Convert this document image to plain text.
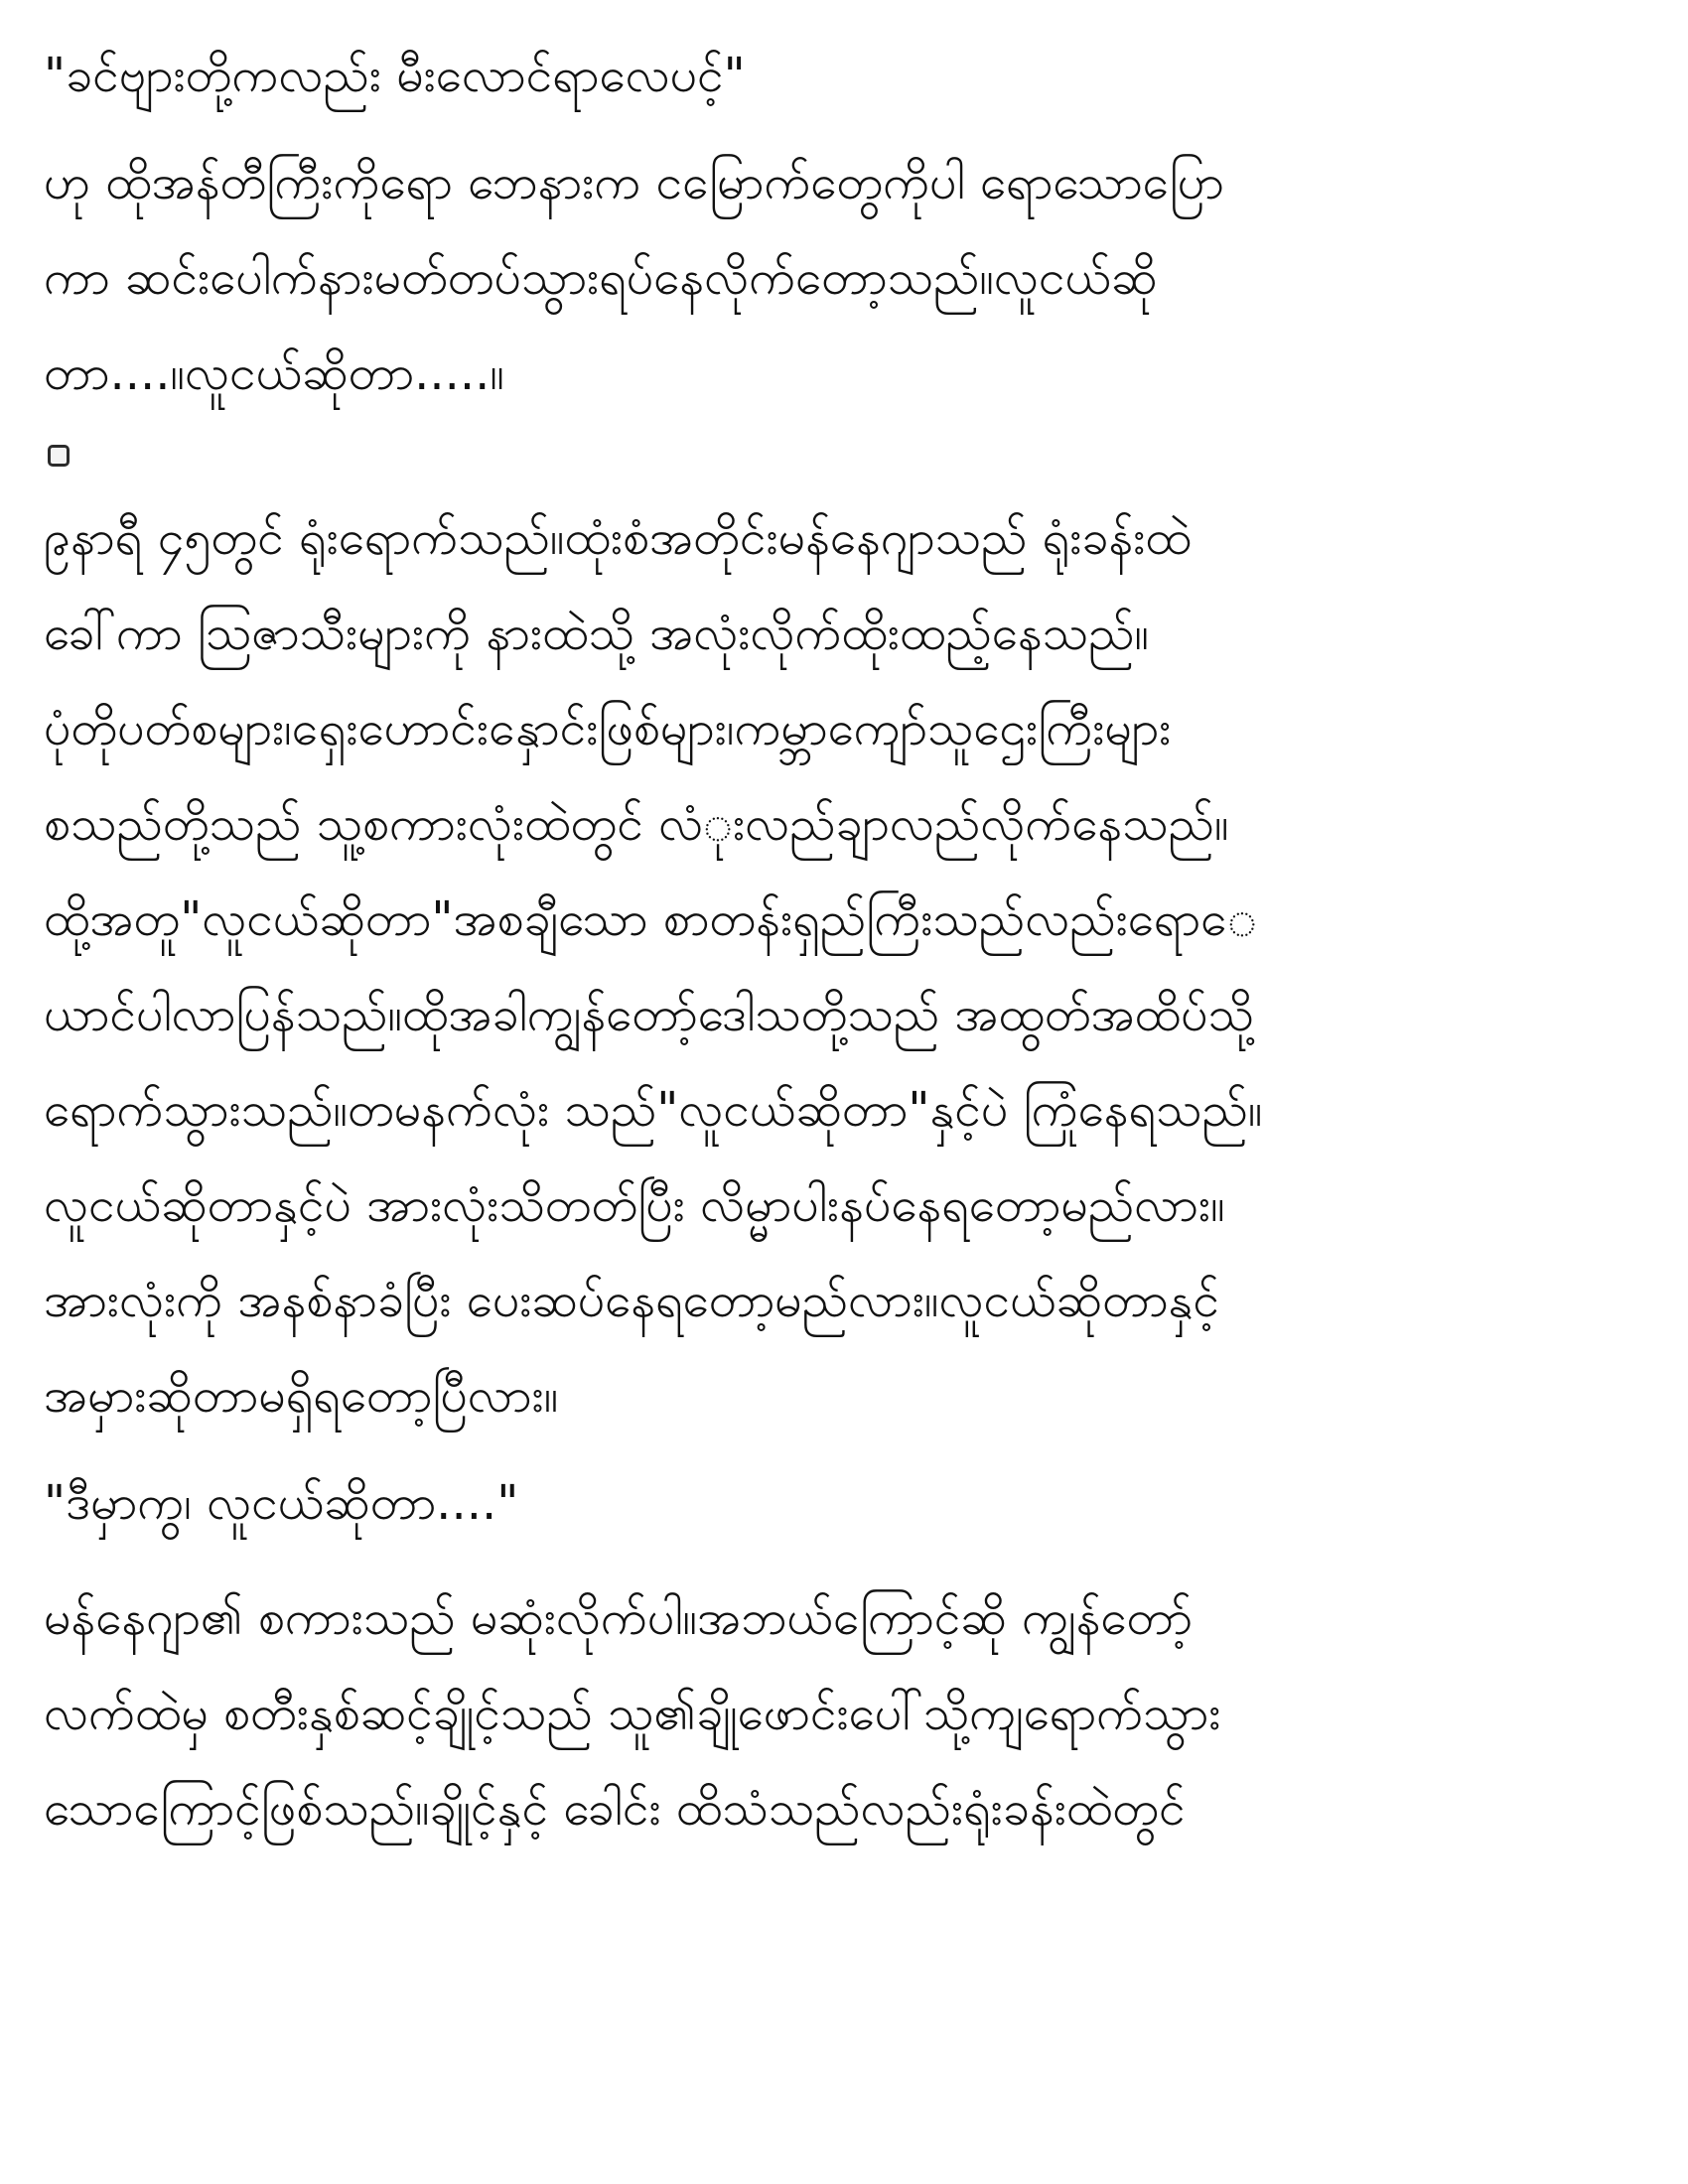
"ခင်ဗျားတို့ကလည်း မီးလောင်ရာလေပင့်"
ဟု ထိုအန်တီကြီးကိုရော ဘေနားက ငမြောက်တွေကိုပါ ရောသောပြော
ကာ ဆင်းပေါက်နားမတ်တပ်သွားရပ်နေလိုက်တော့သည်။လူငယ်ဆို
တာ....။လူငယ်ဆိုတာ.....။
၉နာရီ ၄၅တွင် ရုံးရောက်သည်။ထုံးစံအတိုင်းမန်နေဂျာသည် ရုံးခန်းထဲ
ခေါ်ကာ ဩဇာသီးများကို နားထဲသို့ အလုံးလိုက်ထိုးထည့်နေသည်။
ပုံတိုပတ်စများ၊ရှေးဟောင်းနှောင်းဖြစ်များ၊ကမ္ဘာကျော်သူဌေးကြီးများ
စသည်တို့သည် သူ့စကားလုံးထဲတွင် လံုးလည်ချာလည်လိုက်နေသည်။
ထို့အတူ"လူငယ်ဆိုတာ"အစချီသော စာတန်းရှည်ကြီးသည်လည်းရောေ
ယာင်ပါလာပြန်သည်။ထိုအခါကျွန်တော့်ဒေါသတို့သည် အထွတ်အထိပ်သို့
ရောက်သွားသည်။တမနက်လုံး သည်"လူငယ်ဆိုတာ"နှင့်ပဲ ကြုံနေရသည်။
လူငယ်ဆိုတာနှင့်ပဲ အားလုံးသိတတ်ပြီး လိမ္မာပါးနပ်နေရတော့မည်လား။
အားလုံးကို အနစ်နာခံပြီး ပေးဆပ်နေရတော့မည်လား။လူငယ်ဆိုတာနှင့်
အမှားဆိုတာမရှိရတော့ပြီလား။
"ဒီမှာကွ၊ လူငယ်ဆိုတာ...."
မန်နေဂျာ၏ စကားသည် မဆုံးလိုက်ပါ။အဘယ်ကြောင့်ဆို ကျွန်တော့်
လက်ထဲမှ စတီးနှစ်ဆင့်ချိုင့်သည် သူ၏ချိုဖောင်းပေါ်သို့ကျရောက်သွား
သောကြောင့်ဖြစ်သည်။ချိုင့်နှင့် ခေါင်း ထိသံသည်လည်းရုံးခန်းထဲတွင်
